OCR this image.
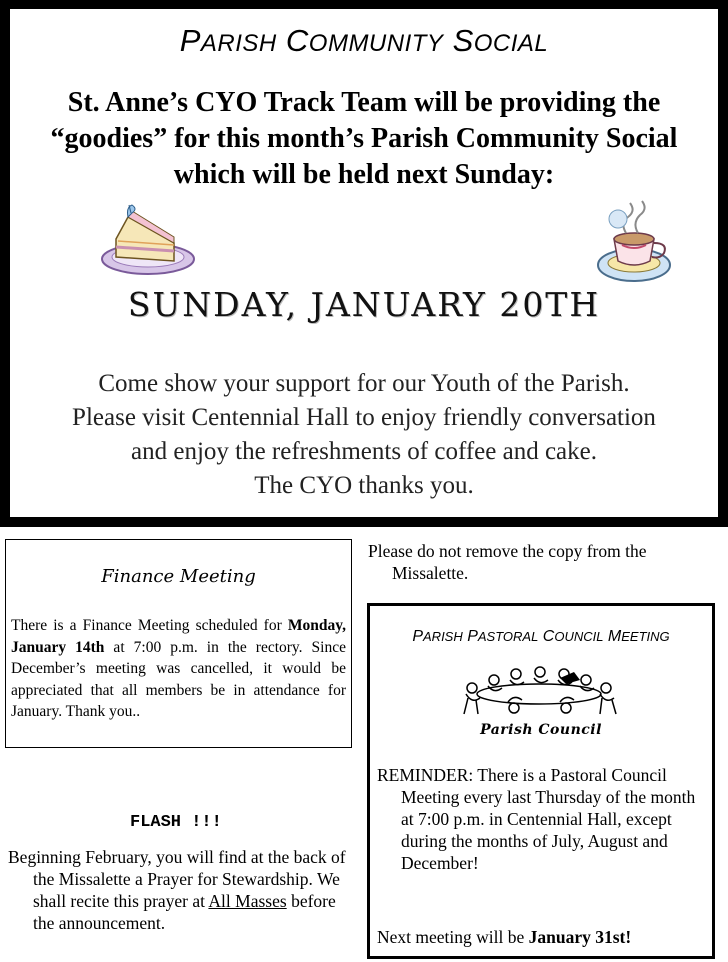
PARISH COMMUNITY SOCIAL
St. Anne’s CYO Track Team will be providing the “goodies” for this month’s Parish Community Social which will be held next Sunday:
SUNDAY, JANUARY 20TH
Come show your support for our Youth of the Parish.
Please visit Centennial Hall to enjoy friendly conversation
and enjoy the refreshments of coffee and cake.
The CYO thanks you.
Finance Meeting
There is a Finance Meeting scheduled for Monday, January 14th at 7:00 p.m. in the rectory. Since December’s meeting was cancelled, it would be appreciated that all members be in attendance for January. Thank you..
Please do not remove the copy from the Missalette.
FLASH !!!
Beginning February, you will find at the back of the Missalette a Prayer for Stewardship. We shall recite this prayer at All Masses before the announcement.
PARISH PASTORAL COUNCIL MEETING
Parish Council
REMINDER: There is a Pastoral Council Meeting every last Thursday of the month at 7:00 p.m. in Centennial Hall, except during the months of July, August and December!
Next meeting will be January 31st!
